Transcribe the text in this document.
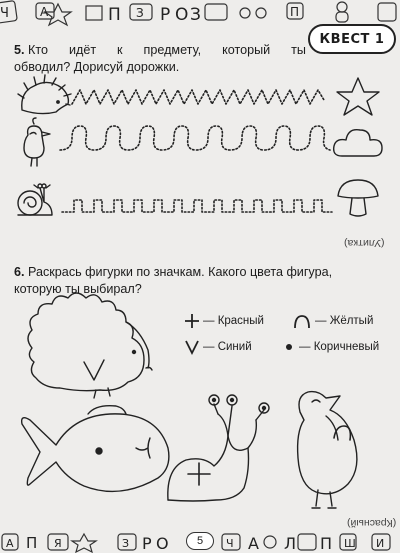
Ч	А	П З Р О З	П
КВЕСТ 1
5. Кто идёт к предмету, который ты
обводил? Дорисуй дорожки.
(Улитка)
6. Раскрась фигурки по значкам. Какого цвета фигура, которую ты выбирал?
— Красный	— Жёлтый
— Синий	— Коричневый
(Красный)
А П Я	З Р О	Ч А Л П Ш И
5
